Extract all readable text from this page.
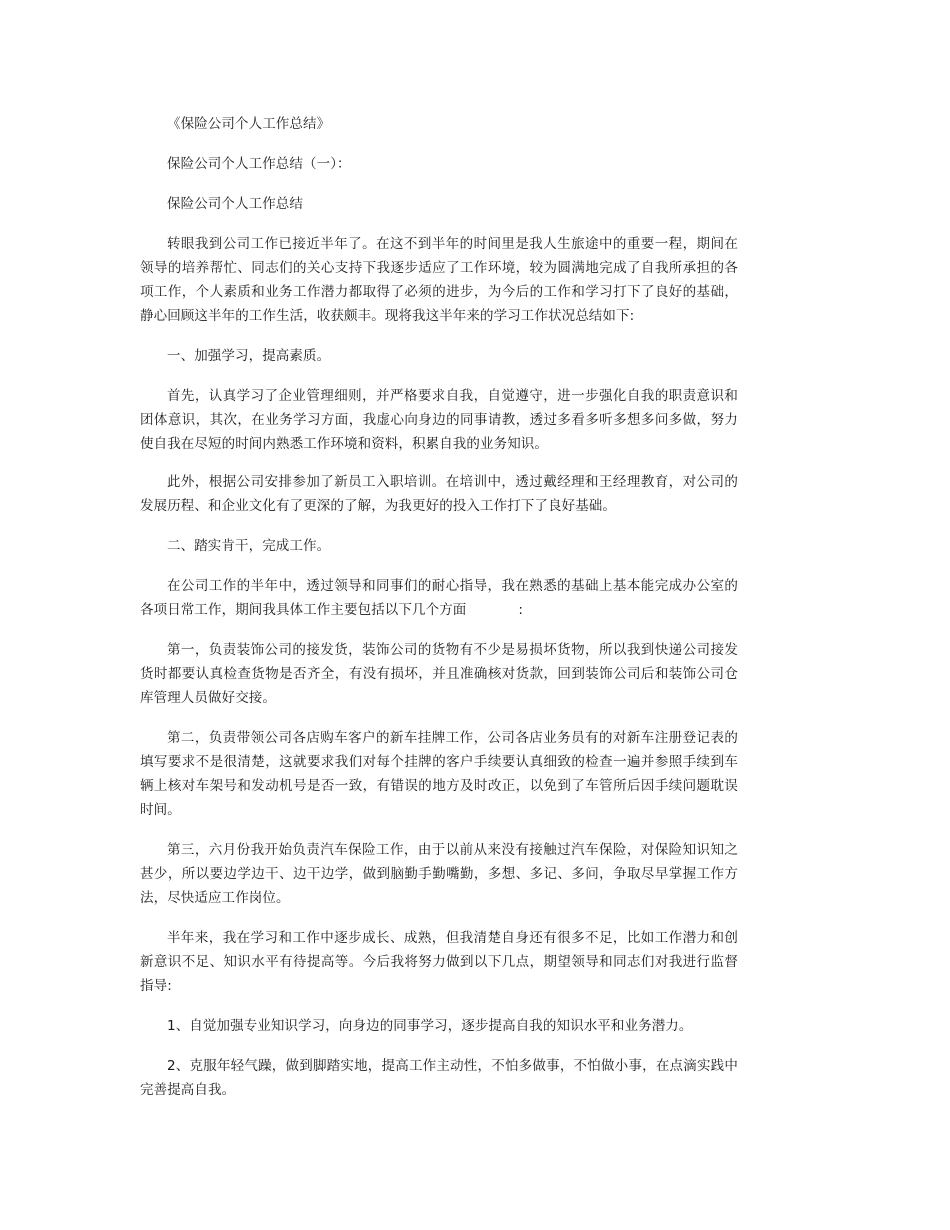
《保险公司个人工作总结》

保险公司个人工作总结（一）：

保险公司个人工作总结

转眼我到公司工作已接近半年了。在这不到半年的时间里是我人生旅途中的重要一程，期间在领导的培养帮忙、同志们的关心支持下我逐步适应了工作环境，较为圆满地完成了自我所承担的各项工作，个人素质和业务工作潜力都取得了必须的进步，为今后的工作和学习打下了良好的基础，静心回顾这半年的工作生活，收获颇丰。现将我这半年来的学习工作状况总结如下:

一、加强学习，提高素质。

首先，认真学习了企业管理细则，并严格要求自我，自觉遵守，进一步强化自我的职责意识和团体意识，其次，在业务学习方面，我虚心向身边的同事请教，透过多看多听多想多问多做，努力使自我在尽短的时间内熟悉工作环境和资料，积累自我的业务知识。

此外，根据公司安排参加了新员工入职培训。在培训中，透过戴经理和王经理教育，对公司的发展历程、和企业文化有了更深的了解，为我更好的投入工作打下了良好基础。

二、踏实肯干，完成工作。

在公司工作的半年中，透过领导和同事们的耐心指导，我在熟悉的基础上基本能完成办公室的各项日常工作，期间我具体工作主要包括以下几个方面	:

第一，负责装饰公司的接发货，装饰公司的货物有不少是易损坏货物，所以我到快递公司接发货时都要认真检查货物是否齐全，有没有损坏，并且准确核对货款，回到装饰公司后和装饰公司仓库管理人员做好交接。

第二，负责带领公司各店购车客户的新车挂牌工作，公司各店业务员有的对新车注册登记表的填写要求不是很清楚，这就要求我们对每个挂牌的客户手续要认真细致的检查一遍并参照手续到车辆上核对车架号和发动机号是否一致，有错误的地方及时改正，以免到了车管所后因手续问题耽误时间。

第三，六月份我开始负责汽车保险工作，由于以前从来没有接触过汽车保险，对保险知识知之甚少，所以要边学边干、边干边学，做到脑勤手勤嘴勤，多想、多记、多问，争取尽早掌握工作方法，尽快适应工作岗位。

半年来，我在学习和工作中逐步成长、成熟，但我清楚自身还有很多不足，比如工作潜力和创新意识不足、知识水平有待提高等。今后我将努力做到以下几点，期望领导和同志们对我进行监督指导:

1、自觉加强专业知识学习，向身边的同事学习，逐步提高自我的知识水平和业务潜力。

2、克服年轻气躁，做到脚踏实地，提高工作主动性，不怕多做事，不怕做小事，在点滴实践中完善提高自我。
